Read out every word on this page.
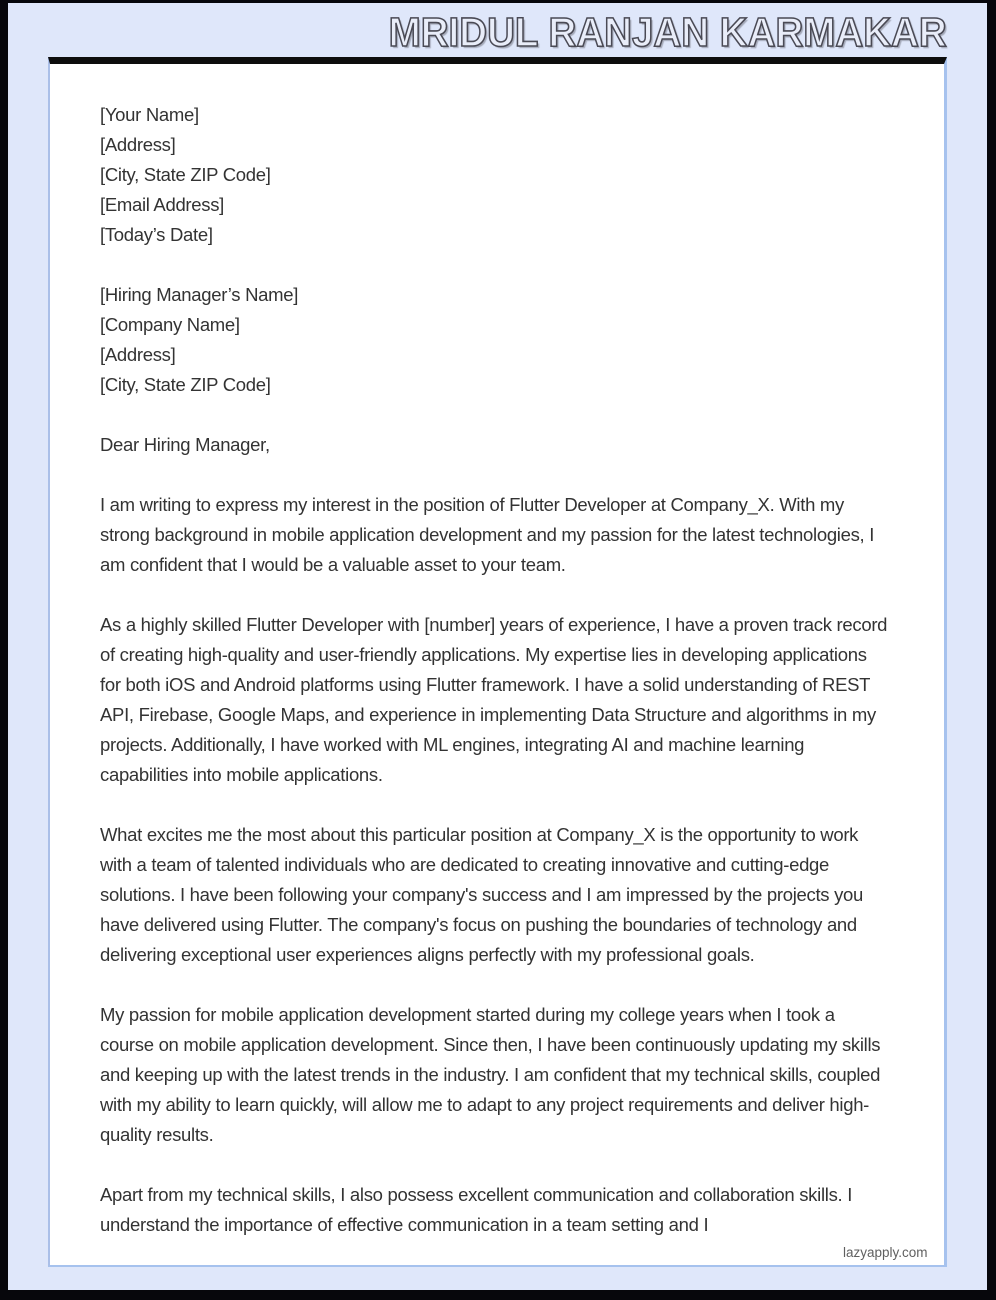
MRIDUL RANJAN KARMAKAR
[Your Name]
[Address]
[City, State ZIP Code]
[Email Address]
[Today’s Date]
[Hiring Manager’s Name]
[Company Name]
[Address]
[City, State ZIP Code]
Dear Hiring Manager,

I am writing to express my interest in the position of Flutter Developer at Company_X. With my strong background in mobile application development and my passion for the latest technologies, I am confident that I would be a valuable asset to your team.

As a highly skilled Flutter Developer with [number] years of experience, I have a proven track record of creating high-quality and user-friendly applications. My expertise lies in developing applications for both iOS and Android platforms using Flutter framework. I have a solid understanding of REST API, Firebase, Google Maps, and experience in implementing Data Structure and algorithms in my projects. Additionally, I have worked with ML engines, integrating AI and machine learning capabilities into mobile applications.

What excites me the most about this particular position at Company_X is the opportunity to work with a team of talented individuals who are dedicated to creating innovative and cutting-edge solutions. I have been following your company's success and I am impressed by the projects you have delivered using Flutter. The company's focus on pushing the boundaries of technology and delivering exceptional user experiences aligns perfectly with my professional goals.

My passion for mobile application development started during my college years when I took a course on mobile application development. Since then, I have been continuously updating my skills and keeping up with the latest trends in the industry. I am confident that my technical skills, coupled with my ability to learn quickly, will allow me to adapt to any project requirements and deliver high-quality results.

Apart from my technical skills, I also possess excellent communication and collaboration skills. I understand the importance of effective communication in a team setting and I

lazyapply.com
